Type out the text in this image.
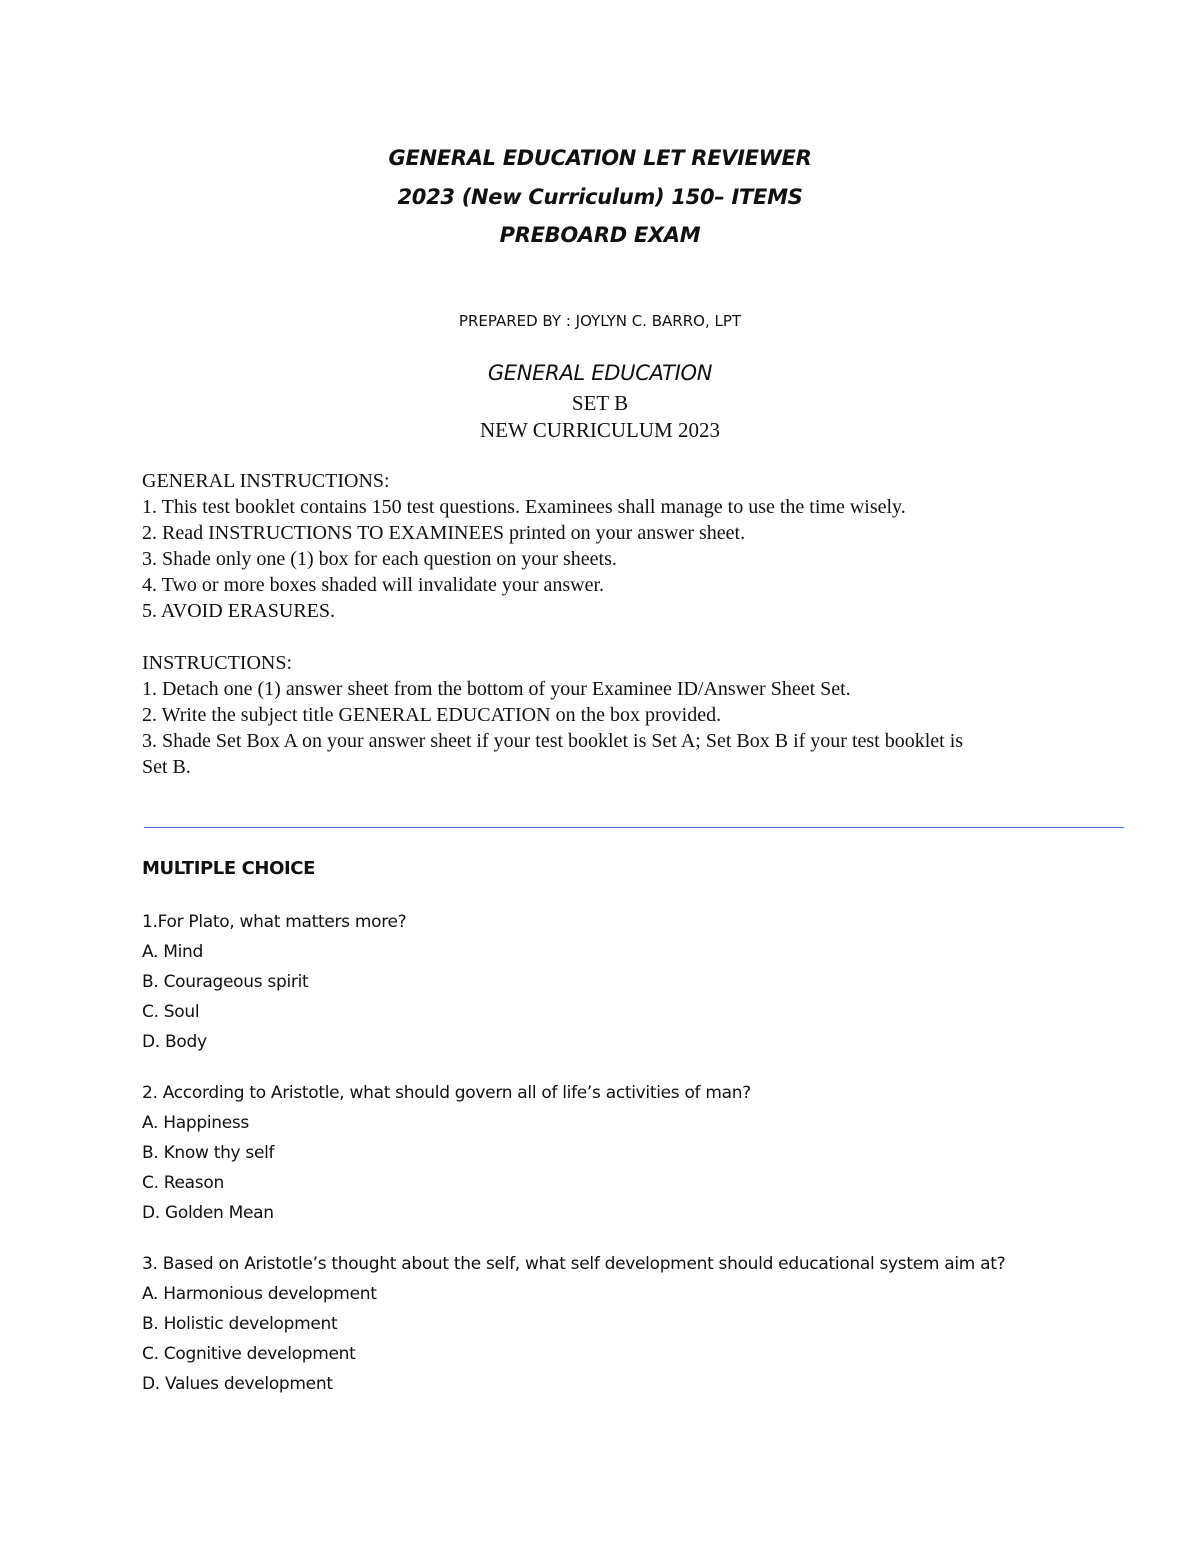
GENERAL EDUCATION LET REVIEWER
2023 (New Curriculum) 150– ITEMS
PREBOARD EXAM
PREPARED BY : JOYLYN C. BARRO, LPT
GENERAL EDUCATION
SET B
NEW CURRICULUM 2023
GENERAL INSTRUCTIONS:
1. This test booklet contains 150 test questions. Examinees shall manage to use the time wisely.
2. Read INSTRUCTIONS TO EXAMINEES printed on your answer sheet.
3. Shade only one (1) box for each question on your sheets.
4. Two or more boxes shaded will invalidate your answer.
5. AVOID ERASURES.
INSTRUCTIONS:
1. Detach one (1) answer sheet from the bottom of your Examinee ID/Answer Sheet Set.
2. Write the subject title GENERAL EDUCATION on the box provided.
3. Shade Set Box A on your answer sheet if your test booklet is Set A; Set Box B if your test booklet is Set B.
MULTIPLE CHOICE
1.For Plato, what matters more?
A. Mind
B. Courageous spirit
C. Soul
D. Body
2. According to Aristotle, what should govern all of life’s activities of man?
A. Happiness
B. Know thy self
C. Reason
D. Golden Mean
3. Based on Aristotle’s thought about the self, what self development should educational system aim at?
A. Harmonious development
B. Holistic development
C. Cognitive development
D. Values development
